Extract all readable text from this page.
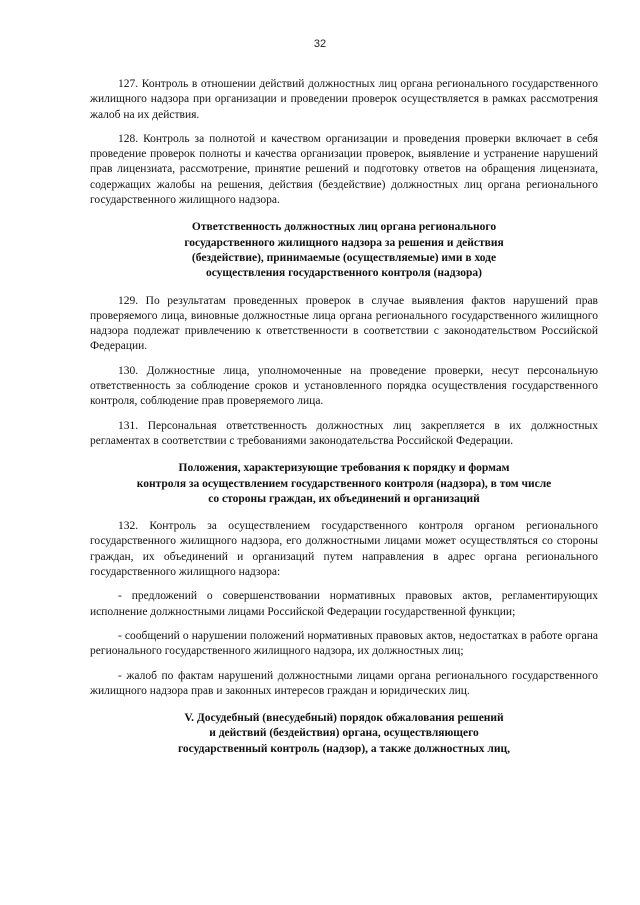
32

127. Контроль в отношении действий должностных лиц органа регионального государственного жилищного надзора при организации и проведении проверок осуществляется в рамках рассмотрения жалоб на их действия.

128. Контроль за полнотой и качеством организации и проведения проверки включает в себя проведение проверок полноты и качества организации проверок, выявление и устранение нарушений прав лицензиата, рассмотрение, принятие решений и подготовку ответов на обращения лицензиата, содержащих жалобы на решения, действия (бездействие) должностных лиц органа регионального государственного жилищного надзора.

Ответственность должностных лиц органа регионального

государственного жилищного надзора за решения и действия

(бездействие), принимаемые (осуществляемые) ими в ходе

осуществления государственного контроля (надзора)

129. По результатам проведенных проверок в случае выявления фактов нарушений прав проверяемого лица, виновные должностные лица органа регионального государственного жилищного надзора подлежат привлечению к ответственности в соответствии с законодательством Российской Федерации.

130. Должностные лица, уполномоченные на проведение проверки, несут персональную ответственность за соблюдение сроков и установленного порядка осуществления государственного контроля, соблюдение прав проверяемого лица.

131. Персональная ответственность должностных лиц закрепляется в их должностных регламентах в соответствии с требованиями законодательства Российской Федерации.

Положения, характеризующие требования к порядку и формам

контроля за осуществлением государственного контроля (надзора), в том числе

со стороны граждан, их объединений и организаций

132. Контроль за осуществлением государственного контроля органом регионального государственного жилищного надзора, его должностными лицами может осуществляться со стороны граждан, их объединений и организаций путем направления в адрес органа регионального государственного жилищного надзора:

- предложений о совершенствовании нормативных правовых актов, регламентирующих исполнение должностными лицами Российской Федерации государственной функции;

- сообщений о нарушении положений нормативных правовых актов, недостатках в работе органа регионального государственного жилищного надзора, их должностных лиц;

- жалоб по фактам нарушений должностными лицами органа регионального государственного жилищного надзора прав и законных интересов граждан и юридических лиц.

V. Досудебный (внесудебный) порядок обжалования решений

и действий (бездействия) органа, осуществляющего

государственный контроль (надзор), а также должностных лиц,
